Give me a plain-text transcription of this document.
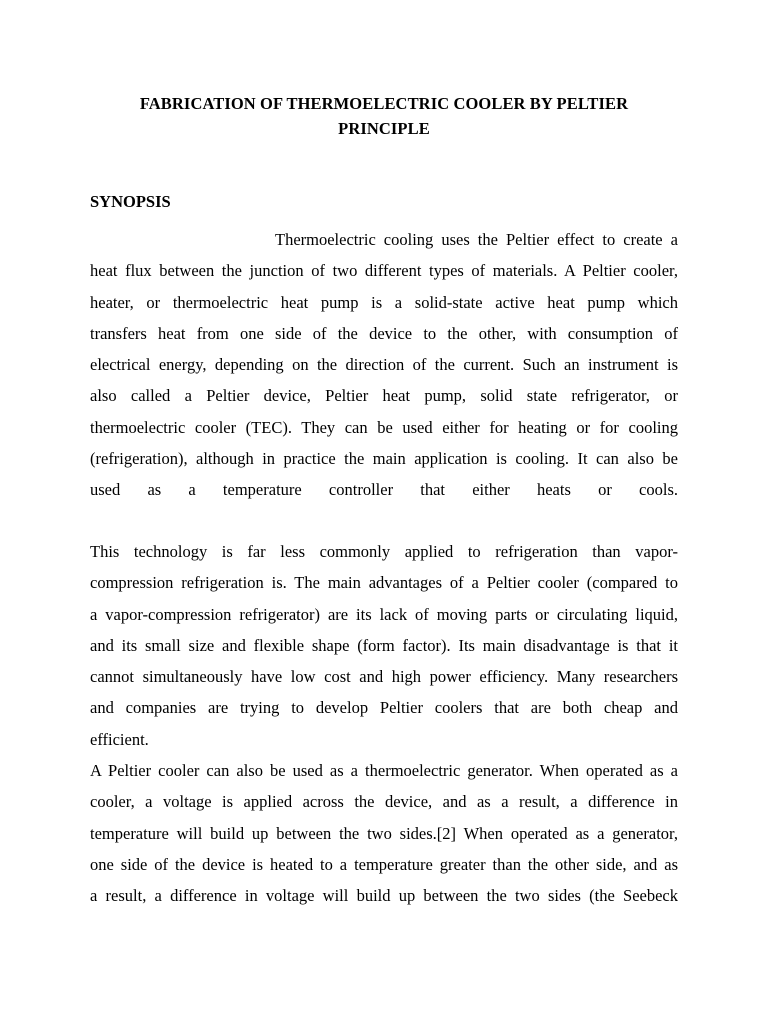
FABRICATION OF THERMOELECTRIC COOLER BY PELTIER
PRINCIPLE
SYNOPSIS

Thermoelectric cooling uses the Peltier effect to create a
heat flux between the junction of two different types of materials. A Peltier cooler,
heater, or thermoelectric heat pump is a solid-state active heat pump which
transfers heat from one side of the device to the other, with consumption of
electrical energy, depending on the direction of the current. Such an instrument is
also called a Peltier device, Peltier heat pump, solid state refrigerator, or
thermoelectric cooler (TEC). They can be used either for heating or for cooling
(refrigeration), although in practice the main application is cooling. It can also be
used as a temperature controller that either heats or cools.

This technology is far less commonly applied to refrigeration than vapor-
compression refrigeration is. The main advantages of a Peltier cooler (compared to
a vapor-compression refrigerator) are its lack of moving parts or circulating liquid,
and its small size and flexible shape (form factor). Its main disadvantage is that it
cannot simultaneously have low cost and high power efficiency. Many researchers
and companies are trying to develop Peltier coolers that are both cheap and
efficient.

A Peltier cooler can also be used as a thermoelectric generator. When operated as a
cooler, a voltage is applied across the device, and as a result, a difference in
temperature will build up between the two sides.[2] When operated as a generator,
one side of the device is heated to a temperature greater than the other side, and as
a result, a difference in voltage will build up between the two sides (the Seebeck
